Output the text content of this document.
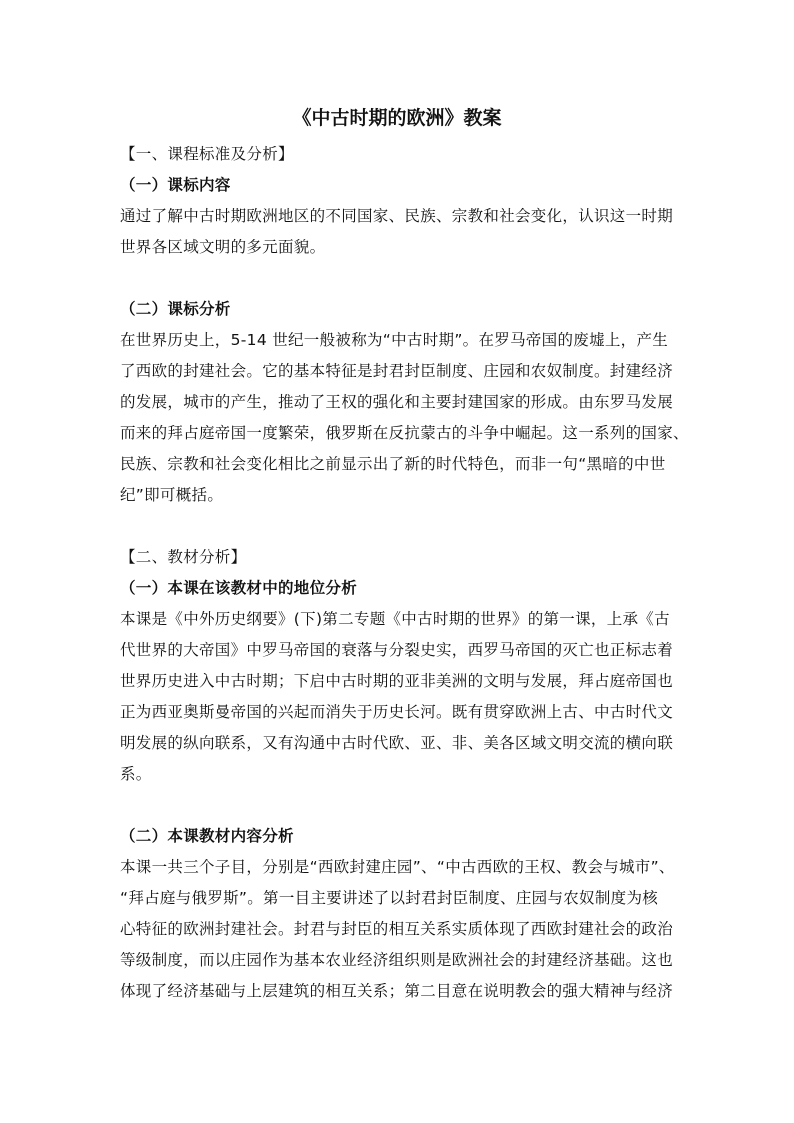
《中古时期的欧洲》教案
【一、课程标准及分析】
（一）课标内容
通过了解中古时期欧洲地区的不同国家、民族、宗教和社会变化，认识这一时期
世界各区域文明的多元面貌。
（二）课标分析
在世界历史上，5-14 世纪一般被称为“中古时期”。在罗马帝国的废墟上，产生
了西欧的封建社会。它的基本特征是封君封臣制度、庄园和农奴制度。封建经济
的发展，城市的产生，推动了王权的强化和主要封建国家的形成。由东罗马发展
而来的拜占庭帝国一度繁荣，俄罗斯在反抗蒙古的斗争中崛起。这一系列的国家、
民族、宗教和社会变化相比之前显示出了新的时代特色，而非一句“黑暗的中世
纪”即可概括。
【二、教材分析】
（一）本课在该教材中的地位分析
本课是《中外历史纲要》(下)第二专题《中古时期的世界》的第一课，上承《古
代世界的大帝国》中罗马帝国的衰落与分裂史实，西罗马帝国的灭亡也正标志着
世界历史进入中古时期；下启中古时期的亚非美洲的文明与发展，拜占庭帝国也
正为西亚奥斯曼帝国的兴起而消失于历史长河。既有贯穿欧洲上古、中古时代文
明发展的纵向联系，又有沟通中古时代欧、亚、非、美各区域文明交流的横向联
系。
（二）本课教材内容分析
本课一共三个子目，分别是“西欧封建庄园”、“中古西欧的王权、教会与城市”、
“拜占庭与俄罗斯”。第一目主要讲述了以封君封臣制度、庄园与农奴制度为核
心特征的欧洲封建社会。封君与封臣的相互关系实质体现了西欧封建社会的政治
等级制度，而以庄园作为基本农业经济组织则是欧洲社会的封建经济基础。这也
体现了经济基础与上层建筑的相互关系；第二目意在说明教会的强大精神与经济
